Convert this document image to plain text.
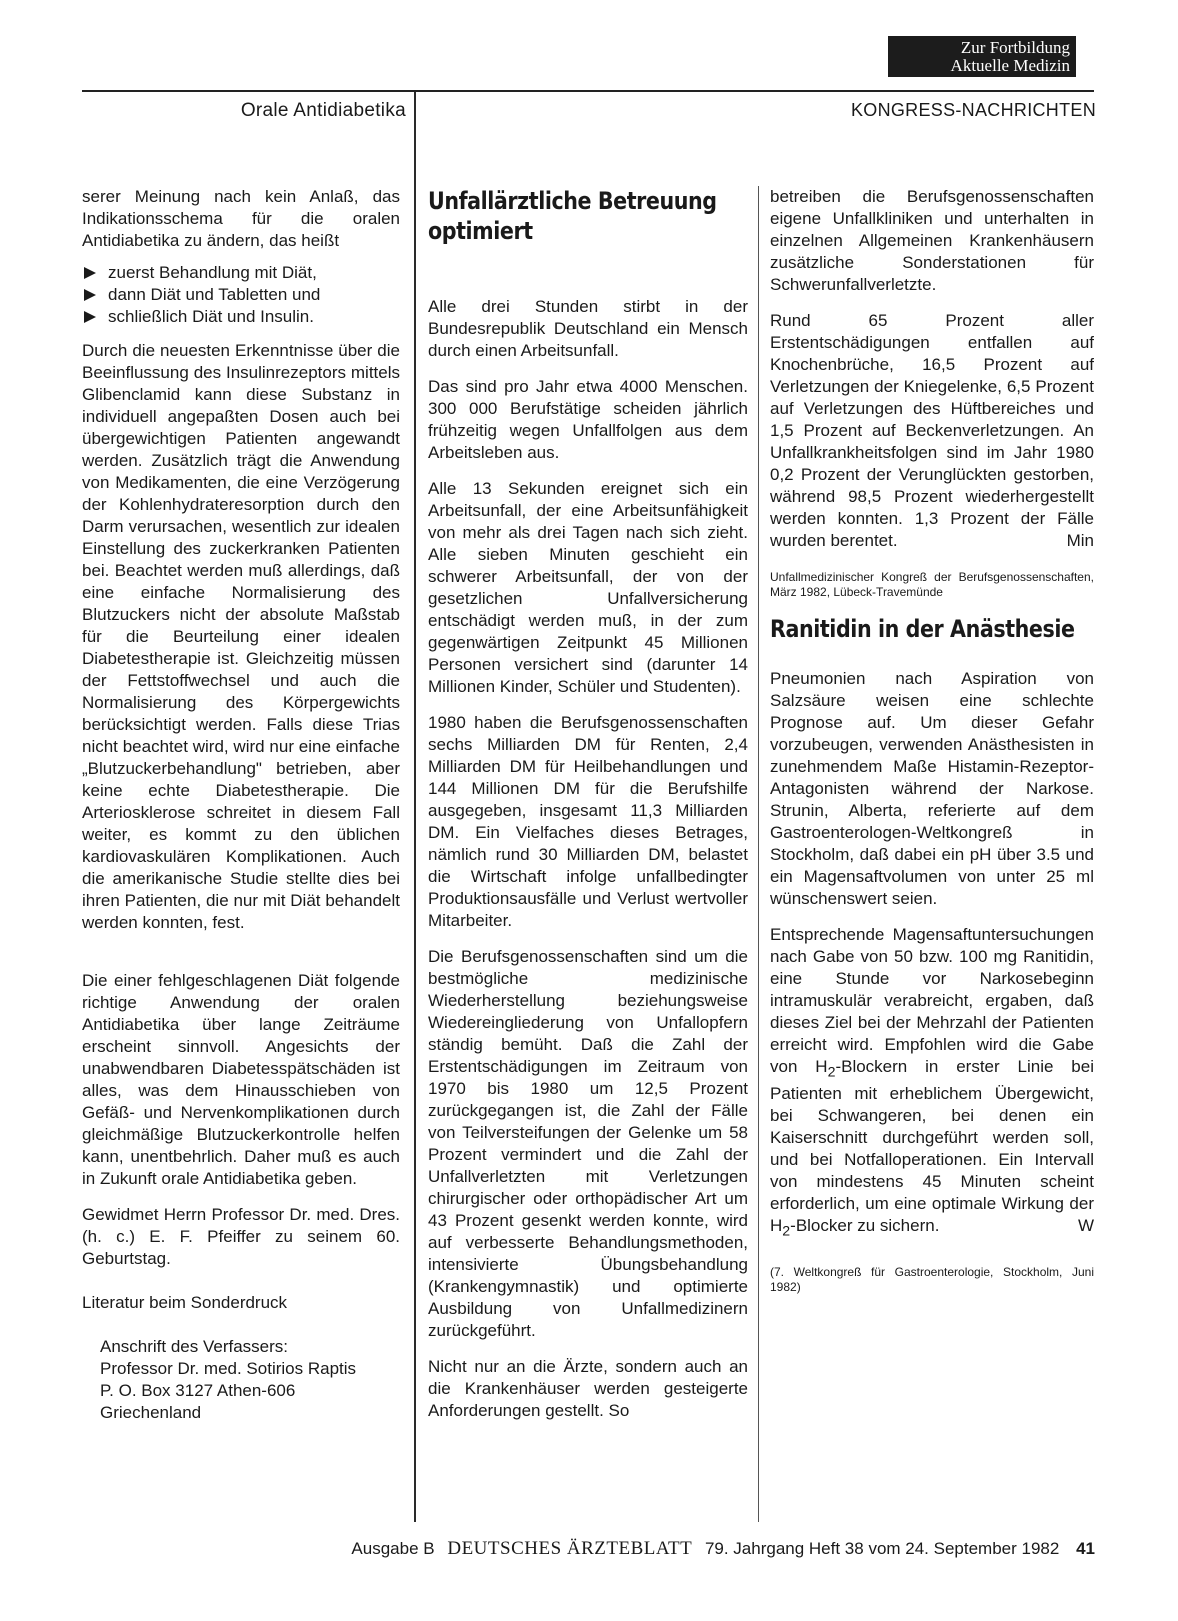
Zur Fortbildung
Aktuelle Medizin
Orale Antidiabetika	KONGRESS-NACHRICHTEN

serer Meinung nach kein Anlaß, das Indikationsschema für die oralen Antidiabetika zu ändern, das heißt

zuerst Behandlung mit Diät,
dann Diät und Tabletten und
schließlich Diät und Insulin.

Durch die neuesten Erkenntnisse über die Beeinflussung des Insulinrezeptors mittels Glibenclamid kann diese Substanz in individuell angepaßten Dosen auch bei übergewichtigen Patienten angewandt werden. Zusätzlich trägt die Anwendung von Medikamenten, die eine Verzögerung der Kohlenhydrateresorption durch den Darm verursachen, wesentlich zur idealen Einstellung des zuckerkranken Patienten bei. Beachtet werden muß allerdings, daß eine einfache Normalisierung des Blutzuckers nicht der absolute Maßstab für die Beurteilung einer idealen Diabetestherapie ist. Gleichzeitig müssen der Fettstoffwechsel und auch die Normalisierung des Körpergewichts berücksichtigt werden. Falls diese Trias nicht beachtet wird, wird nur eine einfache „Blutzuckerbehandlung" betrieben, aber keine echte Diabetestherapie. Die Arteriosklerose schreitet in diesem Fall weiter, es kommt zu den üblichen kardiovaskulären Komplikationen. Auch die amerikanische Studie stellte dies bei ihren Patienten, die nur mit Diät behandelt werden konnten, fest.

Die einer fehlgeschlagenen Diät folgende richtige Anwendung der oralen Antidiabetika über lange Zeiträume erscheint sinnvoll. Angesichts der unabwendbaren Diabetesspätschäden ist alles, was dem Hinausschieben von Gefäß- und Nervenkomplikationen durch gleichmäßige Blutzuckerkontrolle helfen kann, unentbehrlich. Daher muß es auch in Zukunft orale Antidiabetika geben.

Gewidmet Herrn Professor Dr. med. Dres. (h. c.) E. F. Pfeiffer zu seinem 60. Geburtstag.

Literatur beim Sonderdruck

Anschrift des Verfassers:
Professor Dr. med. Sotirios Raptis
P. O. Box 3127 Athen-606
Griechenland
Unfallärztliche Betreuung optimiert

Alle drei Stunden stirbt in der Bundesrepublik Deutschland ein Mensch durch einen Arbeitsunfall.

Das sind pro Jahr etwa 4000 Menschen. 300 000 Berufstätige scheiden jährlich frühzeitig wegen Unfallfolgen aus dem Arbeitsleben aus.

Alle 13 Sekunden ereignet sich ein Arbeitsunfall, der eine Arbeitsunfähigkeit von mehr als drei Tagen nach sich zieht. Alle sieben Minuten geschieht ein schwerer Arbeitsunfall, der von der gesetzlichen Unfallversicherung entschädigt werden muß, in der zum gegenwärtigen Zeitpunkt 45 Millionen Personen versichert sind (darunter 14 Millionen Kinder, Schüler und Studenten).

1980 haben die Berufsgenossenschaften sechs Milliarden DM für Renten, 2,4 Milliarden DM für Heilbehandlungen und 144 Millionen DM für die Berufshilfe ausgegeben, insgesamt 11,3 Milliarden DM. Ein Vielfaches dieses Betrages, nämlich rund 30 Milliarden DM, belastet die Wirtschaft infolge unfallbedingter Produktionsausfälle und Verlust wertvoller Mitarbeiter.

Die Berufsgenossenschaften sind um die bestmögliche medizinische Wiederherstellung beziehungsweise Wiedereingliederung von Unfallopfern ständig bemüht. Daß die Zahl der Erstentschädigungen im Zeitraum von 1970 bis 1980 um 12,5 Prozent zurückgegangen ist, die Zahl der Fälle von Teilversteifungen der Gelenke um 58 Prozent vermindert und die Zahl der Unfallverletzten mit Verletzungen chirurgischer oder orthopädischer Art um 43 Prozent gesenkt werden konnte, wird auf verbesserte Behandlungsmethoden, intensivierte Übungsbehandlung (Krankengymnastik) und optimierte Ausbildung von Unfallmedizinern zurückgeführt.

Nicht nur an die Ärzte, sondern auch an die Krankenhäuser werden gesteigerte Anforderungen gestellt. So

betreiben die Berufsgenossenschaften eigene Unfallkliniken und unterhalten in einzelnen Allgemeinen Krankenhäusern zusätzliche Sonderstationen für Schwerunfallverletzte.

Rund 65 Prozent aller Erstentschädigungen entfallen auf Knochenbrüche, 16,5 Prozent auf Verletzungen der Kniegelenke, 6,5 Prozent auf Verletzungen des Hüftbereiches und 1,5 Prozent auf Beckenverletzungen. An Unfallkrankheitsfolgen sind im Jahr 1980 0,2 Prozent der Verunglückten gestorben, während 98,5 Prozent wiederhergestellt werden konnten. 1,3 Prozent der Fälle wurden berentet.	Min

Unfallmedizinischer Kongreß der Berufsgenossenschaften, März 1982, Lübeck-Travemünde

Ranitidin in der Anästhesie

Pneumonien nach Aspiration von Salzsäure weisen eine schlechte Prognose auf. Um dieser Gefahr vorzubeugen, verwenden Anästhesisten in zunehmendem Maße Histamin-Rezeptor-Antagonisten während der Narkose. Strunin, Alberta, referierte auf dem Gastroenterologen-Weltkongreß in Stockholm, daß dabei ein pH über 3.5 und ein Magensaftvolumen von unter 25 ml wünschenswert seien.

Entsprechende Magensaftuntersuchungen nach Gabe von 50 bzw. 100 mg Ranitidin, eine Stunde vor Narkosebeginn intramuskulär verabreicht, ergaben, daß dieses Ziel bei der Mehrzahl der Patienten erreicht wird. Empfohlen wird die Gabe von $H_2$-Blockern in erster Linie bei Patienten mit erheblichem Übergewicht, bei Schwangeren, bei denen ein Kaiserschnitt durchgeführt werden soll, und bei Notfalloperationen. Ein Intervall von mindestens 45 Minuten scheint erforderlich, um eine optimale Wirkung der $H_2$-Blocker zu sichern.	W

(7. Weltkongreß für Gastroenterologie, Stockholm, Juni 1982)

Ausgabe B DEUTSCHES ÄRZTEBLATT 79. Jahrgang Heft 38 vom 24. September 1982 41
